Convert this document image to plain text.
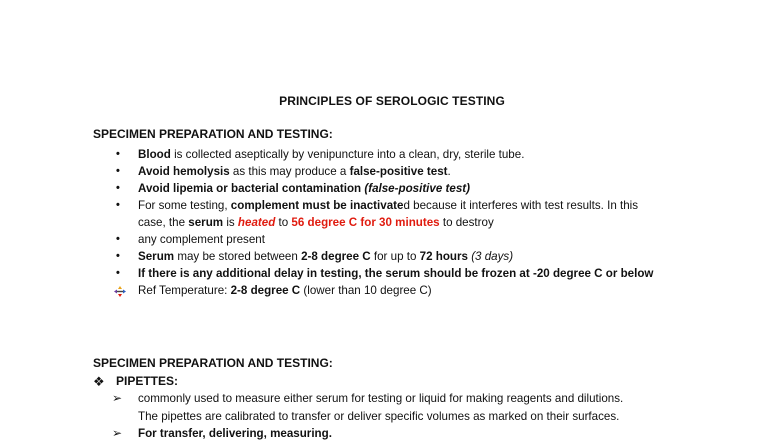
PRINCIPLES OF SEROLOGIC TESTING
SPECIMEN PREPARATION AND TESTING:
• Blood is collected aseptically by venipuncture into a clean, dry, sterile tube.
• Avoid hemolysis as this may produce a false-positive test.
• Avoid lipemia or bacterial contamination (false-positive test)
• For some testing, complement must be inactivated because it interferes with test results. In this
case, the serum is heated to 56 degree C for 30 minutes to destroy
• any complement present
• Serum may be stored between 2-8 degree C for up to 72 hours (3 days)
• If there is any additional delay in testing, the serum should be frozen at -20 degree C or below
Ref Temperature: 2-8 degree C (lower than 10 degree C)
SPECIMEN PREPARATION AND TESTING:
❖ PIPETTES:
➢ commonly used to measure either serum for testing or liquid for making reagents and dilutions.
The pipettes are calibrated to transfer or deliver specific volumes as marked on their surfaces.
➢ For transfer, delivering, measuring.
